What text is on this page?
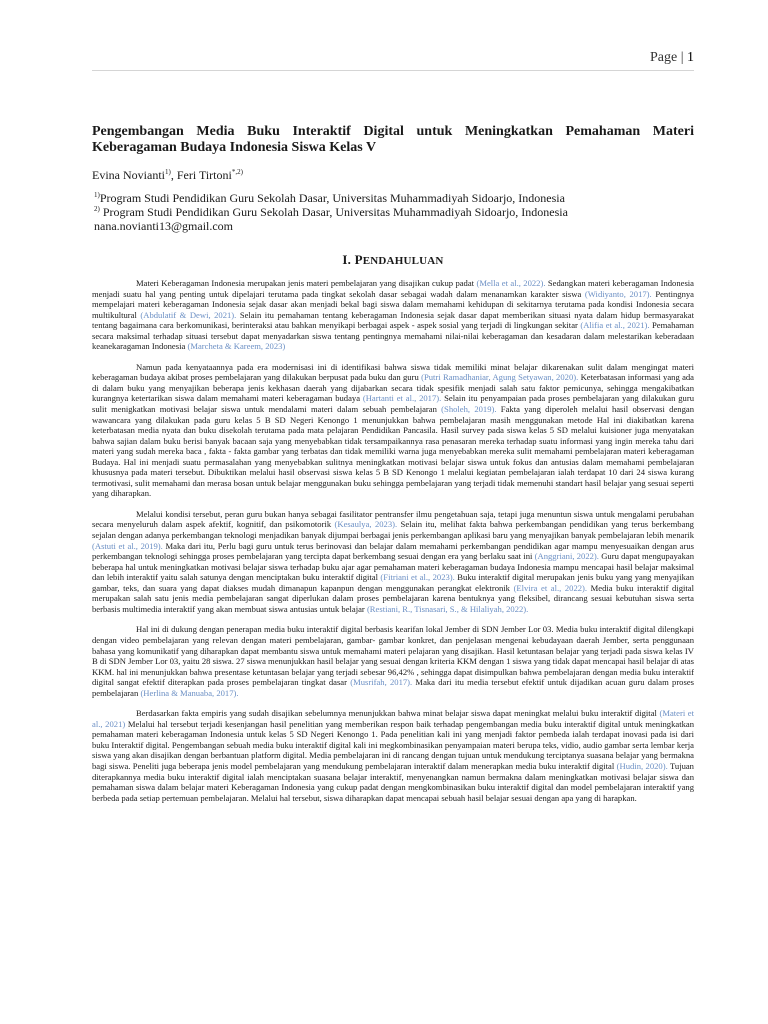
Page | 1

Pengembangan Media Buku Interaktif Digital untuk Meningkatkan Pemahaman Materi Keberagaman Budaya Indonesia Siswa Kelas V

Evina Novianti$^{1)}$, Feri Tirtoni$^{*,2)}$

$^{1)}$Program Studi Pendidikan Guru Sekolah Dasar, Universitas Muhammadiyah Sidoarjo, Indonesia

$^{2)}$ Program Studi Pendidikan Guru Sekolah Dasar, Universitas Muhammadiyah Sidoarjo, Indonesia

nana.novianti13@gmail.com

I. PENDAHULUAN

Materi Keberagaman Indonesia merupakan jenis materi pembelajaran yang disajikan cukup padat (Mella et al., 2022). Sedangkan materi keberagaman Indonesia menjadi suatu hal yang penting untuk dipelajari terutama pada tingkat sekolah dasar sebagai wadah dalam menanamkan karakter siswa (Widiyanto, 2017). Pentingnya mempelajari materi keberagaman Indonesia sejak dasar akan menjadi bekal bagi siswa dalam memahami kehidupan di sekitarnya terutama pada kondisi Indonesia secara multikultural (Abdulatif & Dewi, 2021). Selain itu pemahaman tentang keberagaman Indonesia sejak dasar dapat memberikan situasi nyata dalam hidup bermasyarakat tentang bagaimana cara berkomunikasi, berinteraksi atau bahkan menyikapi berbagai aspek - aspek sosial yang terjadi di lingkungan sekitar (Alifia et al., 2021). Pemahaman secara maksimal terhadap situasi tersebut dapat menyadarkan siswa tentang pentingnya memahami nilai-nilai keberagaman dan kesadaran dalam melestarikan keberadaan keanekaragaman Indonesia (Marcheta & Kareem, 2023)

Namun pada kenyataannya pada era modernisasi ini di identifikasi bahwa siswa tidak memiliki minat belajar dikarenakan sulit dalam mengingat materi keberagaman budaya akibat proses pembelajaran yang dilakukan berpusat pada buku dan guru (Putri Ramadhaniar, Agung Setyawan, 2020). Keterbatasan informasi yang ada di dalam buku yang menyajikan beberapa jenis kekhasan daerah yang dijabarkan secara tidak spesifik menjadi salah satu faktor pemicunya, sehingga mengakibatkan kurangnya ketertarikan siswa dalam memahami materi keberagaman budaya (Hartanti et al., 2017). Selain itu penyampaian pada proses pembelajaran yang dilakukan guru sulit menigkatkan motivasi belajar siswa untuk mendalami materi dalam sebuah pembelajaran (Sholeh, 2019). Fakta yang diperoleh melalui hasil observasi dengan wawancara yang dilakukan pada guru kelas 5 B SD Negeri Kenongo 1 menunjukkan bahwa pembelajaran masih menggunakan metode Hal ini diakibatkan karena keterbatasan media nyata dan buku disekolah terutama pada mata pelajaran Pendidikan Pancasila. Hasil survey pada siswa kelas 5 SD melalui kuisioner juga menyatakan bahwa sajian dalam buku berisi banyak bacaan saja yang menyebabkan tidak tersampaikannya rasa penasaran mereka terhadap suatu informasi yang ingin mereka tahu dari materi yang sudah mereka baca , fakta - fakta gambar yang terbatas dan tidak memiliki warna juga menyebabkan mereka sulit memahami pembelajaran materi keberagaman Budaya. Hal ini menjadi suatu permasalahan yang menyebabkan sulitnya meningkatkan motivasi belajar siswa untuk fokus dan antusias dalam memahami pembelajaran khususnya pada materi tersebut. Dibuktikan melalui hasil observasi siswa kelas 5 B SD Kenongo 1 melalui kegiatan pembelajaran ialah terdapat 10 dari 24 siswa kurang termotivasi, sulit memahami dan merasa bosan untuk belajar menggunakan buku sehingga pembelajaran yang terjadi tidak memenuhi standart hasil belajar yang sesuai seperti yang diharapkan.

Melalui kondisi tersebut, peran guru bukan hanya sebagai fasilitator pentransfer ilmu pengetahuan saja, tetapi juga menuntun siswa untuk mengalami perubahan secara menyeluruh dalam aspek afektif, kognitif, dan psikomotorik (Kesaulya, 2023). Selain itu, melihat fakta bahwa perkembangan pendidikan yang terus berkembang sejalan dengan adanya perkembangan teknologi menjadikan banyak dijumpai berbagai jenis perkembangan aplikasi baru yang menyajikan banyak pembelajaran lebih menarik (Astuti et al., 2019). Maka dari itu, Perlu bagi guru untuk terus berinovasi dan belajar dalam memahami perkembangan pendidikan agar mampu menyesuaikan dengan arus perkembangan teknologi sehingga proses pembelajaran yang tercipta dapat berkembang sesuai dengan era yang berlaku saat ini (Anggriani, 2022). Guru dapat mengupayakan beberapa hal untuk meningkatkan motivasi belajar siswa terhadap buku ajar agar pemahaman materi keberagaman budaya Indonesia mampu mencapai hasil belajar maksimal dan lebih interaktif yaitu salah satunya dengan menciptakan buku interaktif digital (Fitriani et al., 2023). Buku interaktif digital merupakan jenis buku yang yang menyajikan gambar, teks, dan suara yang dapat diakses mudah dimanapun kapanpun dengan menggunakan perangkat elektronik (Elvira et al., 2022). Media buku interaktif digital merupakan salah satu jenis media pembelajaran sangat diperlukan dalam proses pembelajaran karena bentuknya yang fleksibel, dirancang sesuai kebutuhan siswa serta berbasis multimedia interaktif yang akan membuat siswa antusias untuk belajar (Restiani, R., Tisnasari, S., & Hilaliyah, 2022).

Hal ini di dukung dengan penerapan media buku interaktif digital berbasis kearifan lokal Jember di SDN Jember Lor 03. Media buku interaktif digital dilengkapi dengan video pembelajaran yang relevan dengan materi pembelajaran, gambar- gambar konkret, dan penjelasan mengenai kebudayaan daerah Jember, serta penggunaan bahasa yang komunikatif yang diharapkan dapat membantu siswa untuk memahami materi pelajaran yang disajikan. Hasil ketuntasan belajar yang terjadi pada siswa kelas IV B di SDN Jember Lor 03, yaitu 28 siswa. 27 siswa menunjukkan hasil belajar yang sesuai dengan kriteria KKM dengan 1 siswa yang tidak dapat mencapai hasil belajar di atas KKM. hal ini menunjukkan bahwa presentase ketuntasan belajar yang terjadi sebesar 96,42% , sehingga dapat disimpulkan bahwa pembelajaran dengan media buku interaktif digital sangat efektif diterapkan pada proses pembelajaran tingkat dasar (Musrifah, 2017). Maka dari itu media tersebut efektif untuk dijadikan acuan guru dalam proses pembelajaran (Herlina & Manuaba, 2017).

Berdasarkan fakta empiris yang sudah disajikan sebelumnya menunjukkan bahwa minat belajar siswa dapat meningkat melalui buku interaktif digital (Materi et al., 2021) Melalui hal tersebut terjadi kesenjangan hasil penelitian yang memberikan respon baik terhadap pengembangan media buku interaktif digital untuk meningkatkan pemahaman materi keberagaman Indonesia untuk kelas 5 SD Negeri Kenongo 1. Pada penelitian kali ini yang menjadi faktor pembeda ialah terdapat inovasi pada isi dari buku Interaktif digital. Pengembangan sebuah media buku interaktif digital kali ini megkombinasikan penyampaian materi berupa teks, vidio, audio gambar serta lembar kerja siswa yang akan disajikan dengan berbantuan platform digital. Media pembelajaran ini di rancang dengan tujuan untuk mendukung terciptanya suasana belajar yang bermakna bagi siswa. Peneliti juga beberapa jenis model pembelajaran yang mendukung pembelajaran interaktif dalam menerapkan media buku interaktif digital (Hudin, 2020). Tujuan diterapkannya media buku interaktif digital ialah menciptakan suasana belajar interaktif, menyenangkan namun bermakna dalam meningkatkan motivasi belajar siswa dan pemahaman siswa dalam belajar materi Keberagaman Indonesia yang cukup padat dengan mengkombinasikan buku interaktif digital dan model pembelajaran interaktif yang berbeda pada setiap pertemuan pembelajaran. Melalui hal tersebut, siswa diharapkan dapat mencapai sebuah hasil belajar sesuai dengan apa yang di harapkan.
